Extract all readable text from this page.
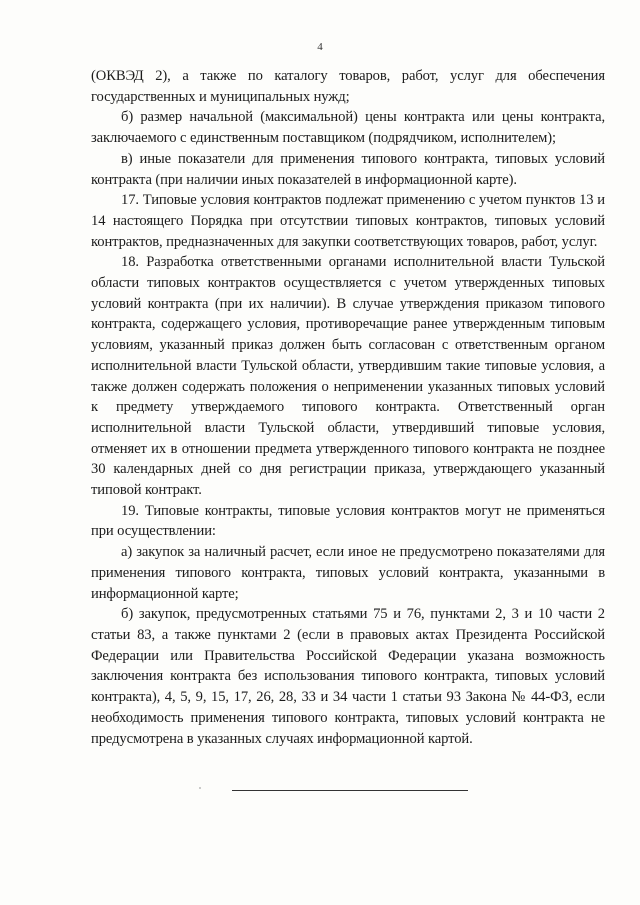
4

(ОКВЭД 2), а также по каталогу товаров, работ, услуг для обеспечения государственных и муниципальных нужд;

б) размер начальной (максимальной) цены контракта или цены контракта, заключаемого с единственным поставщиком (подрядчиком, исполнителем);

в) иные показатели для применения типового контракта, типовых условий контракта (при наличии иных показателей в информационной карте).

17. Типовые условия контрактов подлежат применению с учетом пунктов 13 и 14 настоящего Порядка при отсутствии типовых контрактов, типовых условий контрактов, предназначенных для закупки соответствующих товаров, работ, услуг.

18. Разработка ответственными органами исполнительной власти Тульской области типовых контрактов осуществляется с учетом утвержденных типовых условий контракта (при их наличии). В случае утверждения приказом типового контракта, содержащего условия, противоречащие ранее утвержденным типовым условиям, указанный приказ должен быть согласован с ответственным органом исполнительной власти Тульской области, утвердившим такие типовые условия, а также должен содержать положения о неприменении указанных типовых условий к предмету утверждаемого типового контракта. Ответственный орган исполнительной власти Тульской области, утвердивший типовые условия, отменяет их в отношении предмета утвержденного типового контракта не позднее 30 календарных дней со дня регистрации приказа, утверждающего указанный типовой контракт.

19. Типовые контракты, типовые условия контрактов могут не применяться при осуществлении:

а) закупок за наличный расчет, если иное не предусмотрено показателями для применения типового контракта, типовых условий контракта, указанными в информационной карте;

б) закупок, предусмотренных статьями 75 и 76, пунктами 2, 3 и 10 части 2 статьи 83, а также пунктами 2 (если в правовых актах Президента Российской Федерации или Правительства Российской Федерации указана возможность заключения контракта без использования типового контракта, типовых условий контракта), 4, 5, 9, 15, 17, 26, 28, 33 и 34 части 1 статьи 93 Закона № 44-ФЗ, если необходимость применения типового контракта, типовых условий контракта не предусмотрена в указанных случаях информационной картой.
